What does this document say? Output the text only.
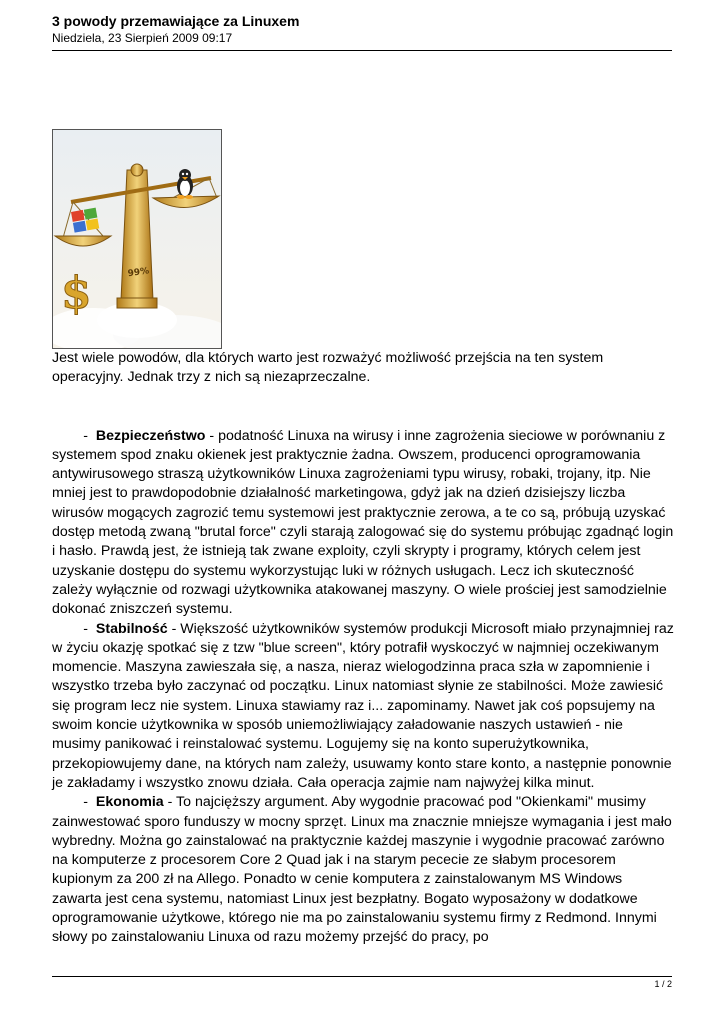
3 powody przemawiające za Linuxem

Niedziela, 23 Sierpień 2009 09:17

99%
$

Jest wiele powodów, dla których warto jest rozważyć możliwość przejścia na ten system operacyjny. Jednak trzy z nich są niezaprzeczalne.

- Bezpieczeństwo - podatność Linuxa na wirusy i inne zagrożenia sieciowe w porównaniu z systemem spod znaku okienek jest praktycznie żadna. Owszem, producenci oprogramowania antywirusowego straszą użytkowników Linuxa zagrożeniami typu wirusy, robaki, trojany, itp. Nie mniej jest to prawdopodobnie działalność marketingowa, gdyż jak na dzień dzisiejszy liczba wirusów mogących zagrozić temu systemowi jest praktycznie zerowa, a te co są, próbują uzyskać dostęp metodą zwaną "brutal force" czyli starają zalogować się do systemu próbując zgadnąć login i hasło. Prawdą jest, że istnieją tak zwane exploity, czyli skrypty i programy, których celem jest uzyskanie dostępu do systemu wykorzystując luki w różnych usługach. Lecz ich skuteczność zależy wyłącznie od rozwagi użytkownika atakowanej maszyny. O wiele prościej jest samodzielnie dokonać zniszczeń systemu.

- Stabilność - Większość użytkowników systemów produkcji Microsoft miało przynajmniej raz w życiu okazję spotkać się z tzw "blue screen", który potrafił wyskoczyć w najmniej oczekiwanym momencie. Maszyna zawieszała się, a nasza, nieraz wielogodzinna praca szła w zapomnienie i wszystko trzeba było zaczynać od początku. Linux natomiast słynie ze stabilności. Może zawiesić się program lecz nie system. Linuxa stawiamy raz i... zapominamy. Nawet jak coś popsujemy na swoim koncie użytkownika w sposób uniemożliwiający załadowanie naszych ustawień - nie musimy panikować i reinstalować systemu. Logujemy się na konto superużytkownika, przekopiowujemy dane, na których nam zależy, usuwamy konto stare konto, a następnie ponownie je zakładamy i wszystko znowu działa. Cała operacja zajmie nam najwyżej kilka minut.

- Ekonomia - To najcięższy argument. Aby wygodnie pracować pod "Okienkami" musimy zainwestować sporo funduszy w mocny sprzęt. Linux ma znacznie mniejsze wymagania i jest mało wybredny. Można go zainstalować na praktycznie każdej maszynie i wygodnie pracować zarówno na komputerze z procesorem Core 2 Quad jak i na starym pececie ze słabym procesorem kupionym za 200 zł na Allego. Ponadto w cenie komputera z zainstalowanym MS Windows zawarta jest cena systemu, natomiast Linux jest bezpłatny. Bogato wyposażony w dodatkowe oprogramowanie użytkowe, którego nie ma po zainstalowaniu systemu firmy z Redmond. Innymi słowy po zainstalowaniu Linuxa od razu możemy przejść do pracy, po

1 / 2
